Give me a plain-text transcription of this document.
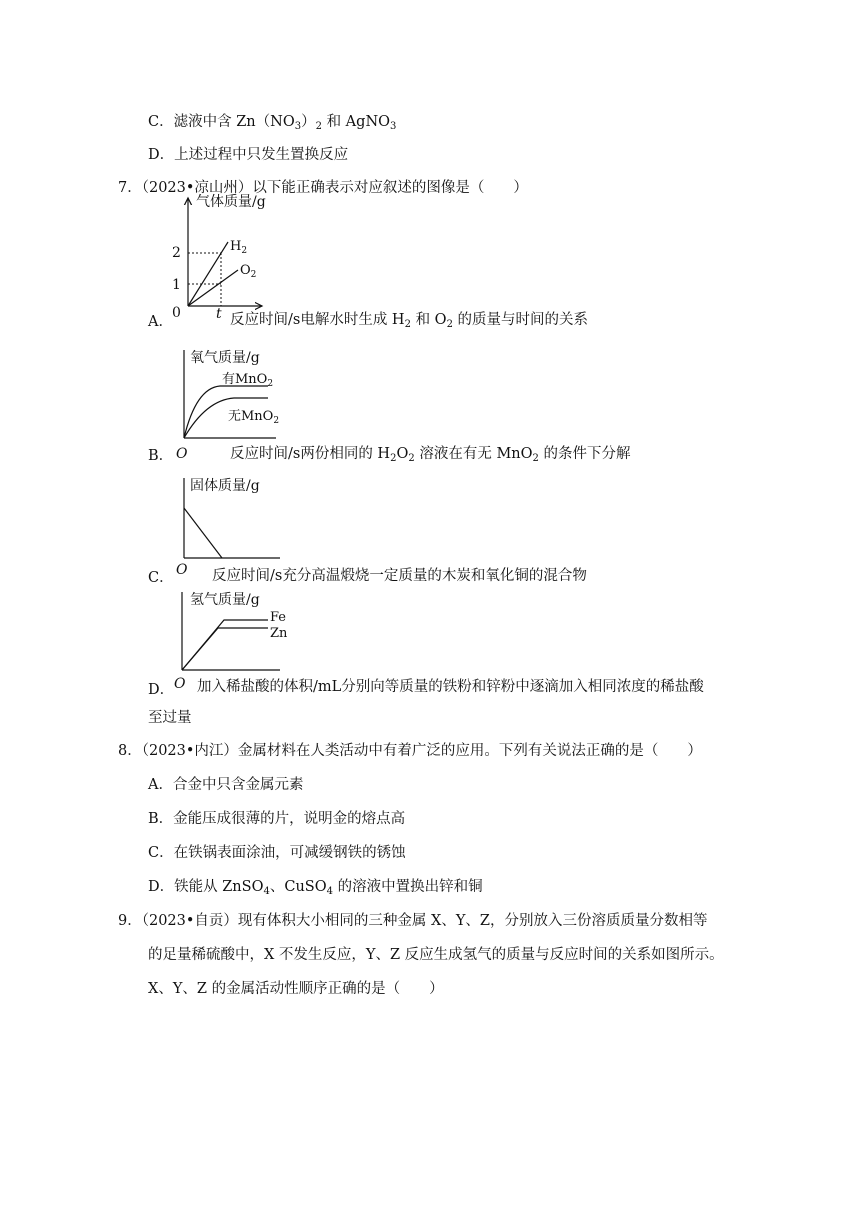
C．滤液中含 $Zn(NO_3)_2$ 和 AgNO$_3$
D．上述过程中只发生置换反应
7．（2023•凉山州）以下能正确表示对应叙述的图像是（　　）
气体质量/g
2
1
0	t
$H_2$
$O_2$
A．	反应时间/s电解水时生成 $H_2$ 和 $O_2$ 的质量与时间的关系
氧气质量/g
有MnO$_2$
无MnO$_2$
O
B．	反应时间/s两份相同的 $H_2O_2$ 溶液在有无 MnO$_2$ 的条件下分解
固体质量/g
O
C．	反应时间/s充分高温煅烧一定质量的木炭和氧化铜的混合物
氢气质量/g
Fe
Zn
O
D． 加入稀盐酸的体积/mL分别向等质量的铁粉和锌粉中逐滴加入相同浓度的稀盐酸
至过量
8．（2023•内江）金属材料在人类活动中有着广泛的应用。下列有关说法正确的是（　　）
A．合金中只含金属元素
B．金能压成很薄的片，说明金的熔点高
C．在铁锅表面涂油，可减缓钢铁的锈蚀
D．铁能从 ZnSO$_4$、CuSO$_4$ 的溶液中置换出锌和铜
9．（2023•自贡）现有体积大小相同的三种金属 X、Y、Z，分别放入三份溶质质量分数相等
的足量稀硫酸中，X 不发生反应，Y、Z 反应生成氢气的质量与反应时间的关系如图所示。
X、Y、Z 的金属活动性顺序正确的是（　　）
